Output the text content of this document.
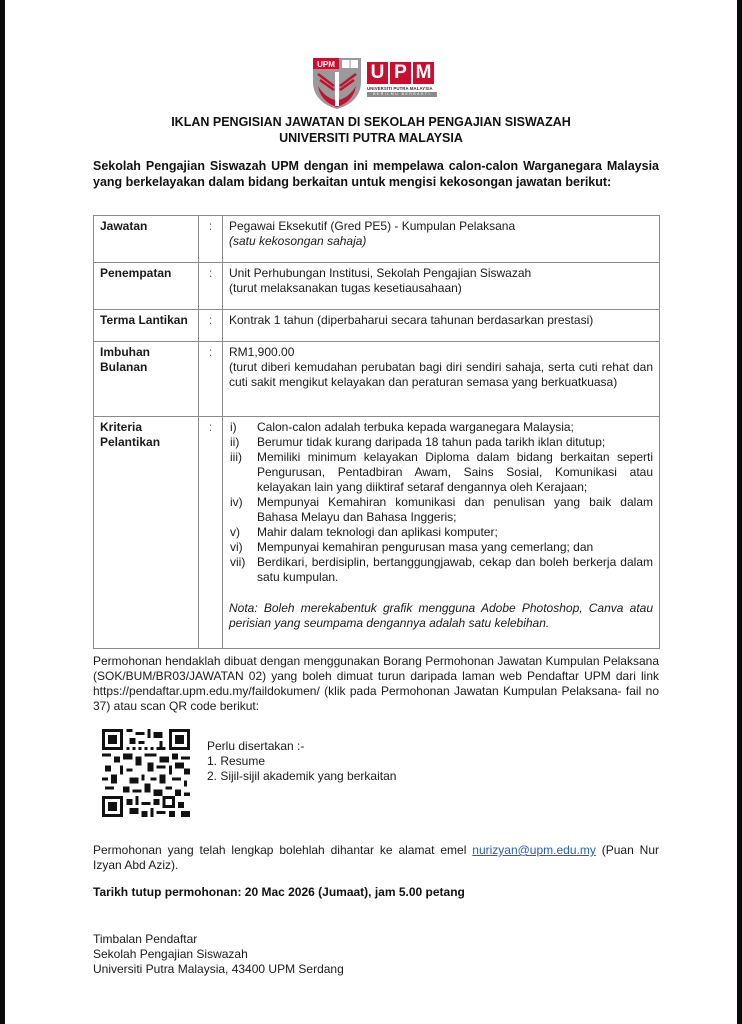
UPM U P M
UNIVERSITI PUTRA MALAYSIA
BERILMU BERBAKTI
IKLAN PENGISIAN JAWATAN DI SEKOLAH PENGAJIAN SISWAZAH
UNIVERSITI PUTRA MALAYSIA
Sekolah Pengajian Siswazah UPM dengan ini mempelawa calon-calon Warganegara Malaysia yang berkelayakan dalam bidang berkaitan untuk mengisi kekosongan jawatan berikut:
Jawatan	:	Pegawai Eksekutif (Gred PE5) - Kumpulan Pelaksana
(satu kekosongan sahaja)

Penempatan	:	Unit Perhubungan Institusi, Sekolah Pengajian Siswazah
(turut melaksanakan tugas kesetiausahaan)

Terma Lantikan	:	Kontrak 1 tahun (diperbaharui secara tahunan berdasarkan prestasi)
Imbuhan Bulanan	:	RM1,900.00
(turut diberi kemudahan perubatan bagi diri sendiri sahaja, serta cuti rehat dan cuti sakit mengikut kelayakan dan peraturan semasa yang berkuatkuasa)

Kriteria Pelantikan	:	i)	Calon-calon adalah terbuka kepada warganegara Malaysia;
ii)	Berumur tidak kurang daripada 18 tahun pada tarikh iklan ditutup;
iii)	Memiliki minimum kelayakan Diploma dalam bidang berkaitan seperti Pengurusan, Pentadbiran Awam, Sains Sosial, Komunikasi atau kelayakan lain yang diiktiraf setaraf dengannya oleh Kerajaan;
iv)	Mempunyai Kemahiran komunikasi dan penulisan yang baik dalam Bahasa Melayu dan Bahasa Inggeris;
v)	Mahir dalam teknologi dan aplikasi komputer;
vi)	Mempunyai kemahiran pengurusan masa yang cemerlang; dan
vii) Berdikari, berdisiplin, bertanggungjawab, cekap dan boleh berkerja dalam satu kumpulan.
Nota: Boleh merekabentuk grafik mengguna Adobe Photoshop, Canva atau perisian yang seumpama dengannya adalah satu kelebihan.
Permohonan hendaklah dibuat dengan menggunakan Borang Permohonan Jawatan Kumpulan Pelaksana (SOK/BUM/BR03/JAWATAN 02) yang boleh dimuat turun daripada laman web Pendaftar UPM dari link https://pendaftar.upm.edu.my/faildokumen/ (klik pada Permohonan Jawatan Kumpulan Pelaksana- fail no 37) atau scan QR code berikut:
Perlu disertakan :-
1. Resume
2. Sijil-sijil akademik yang berkaitan
Permohonan yang telah lengkap bolehlah dihantar ke alamat emel nurizyan@upm.edu.my (Puan Nur Izyan Abd Aziz).
Tarikh tutup permohonan: 20 Mac 2026 (Jumaat), jam 5.00 petang
Timbalan Pendaftar
Sekolah Pengajian Siswazah
Universiti Putra Malaysia, 43400 UPM Serdang
